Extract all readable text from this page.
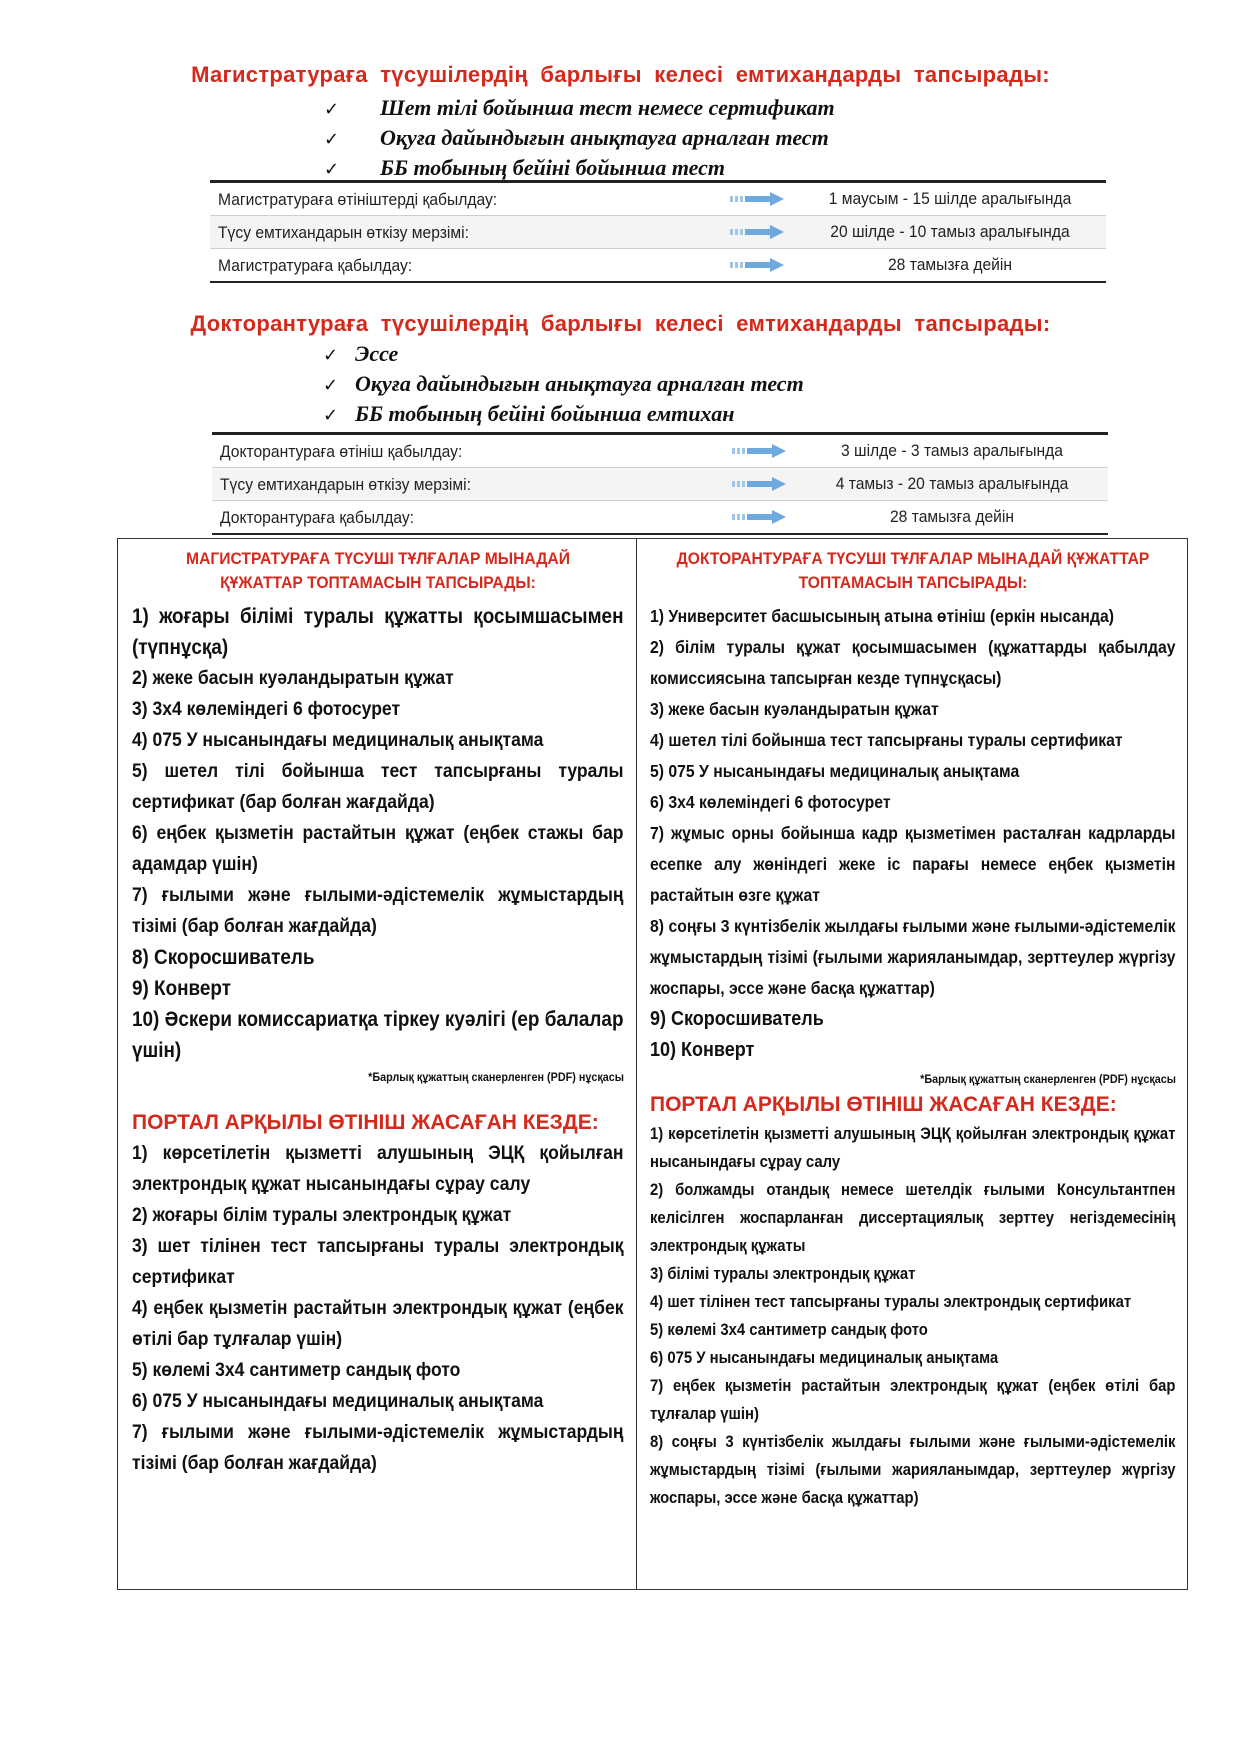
Магистратураға түсушілердің барлығы келесі емтихандарды тапсырады:
✓ Шет тілі бойынша тест немесе сертификат
✓ Оқуға дайындығын анықтауға арналған тест
✓ ББ тобының бейіні бойынша тест
Магистратураға өтініштерді қабылдау:	1 маусым - 15 шілде аралығында
Түсу емтихандарын өткізу мерзімі:	20 шілде - 10 тамыз аралығында
Магистратураға қабылдау:	28 тамызға дейін
Докторантураға түсушілердің барлығы келесі емтихандарды тапсырады:
✓ Эссе
✓ Оқуға дайындығын анықтауға арналған тест
✓ ББ тобының бейіні бойынша емтихан
Докторантураға өтініш қабылдау:	3 шілде - 3 тамыз аралығында
Түсу емтихандарын өткізу мерзімі:	4 тамыз - 20 тамыз аралығында
Докторантураға қабылдау:	28 тамызға дейін
МАГИСТРАТУРАҒА ТҮСУШІ ТҰЛҒАЛАР МЫНАДАЙ ҚҰЖАТТАР ТОПТАМАСЫН ТАПСЫРАДЫ:
1) жоғары білімі туралы құжатты қосымшасымен (түпнұсқа)
2) жеке басын куәландыратын құжат
3) 3х4 көлеміндегі 6 фотосурет
4) 075 У нысанындағы медициналық анықтама
5) шетел тілі бойынша тест тапсырғаны туралы сертификат (бар болған жағдайда)
6) еңбек қызметін растайтын құжат (еңбек стажы бар адамдар үшін)
7) ғылыми және ғылыми-әдістемелік жұмыстардың тізімі (бар болған жағдайда)
8) Скоросшиватель
9) Конверт
10) Әскери комиссариатқа тіркеу куәлігі (ер балалар үшін)
*Барлық құжаттың сканерленген (PDF) нұсқасы
ПОРТАЛ АРҚЫЛЫ ӨТІНІШ ЖАСАҒАН КЕЗДЕ:
1) көрсетілетін қызметті алушының ЭЦҚ қойылған электрондық құжат нысанындағы сұрау салу
2) жоғары білім туралы электрондық құжат
3) шет тілінен тест тапсырғаны туралы электрондық сертификат
4) еңбек қызметін растайтын электрондық құжат (еңбек өтілі бар тұлғалар үшін)
5) көлемі 3х4 сантиметр сандық фото
6) 075 У нысанындағы медициналық анықтама
7) ғылыми және ғылыми-әдістемелік жұмыстардың тізімі (бар болған жағдайда)
ДОКТОРАНТУРАҒА ТҮСУШІ ТҰЛҒАЛАР МЫНАДАЙ ҚҰЖАТТАР ТОПТАМАСЫН ТАПСЫРАДЫ:
1) Университет басшысының атына өтініш (еркін нысанда)
2) білім туралы құжат қосымшасымен (құжаттарды қабылдау комиссиясына тапсырған кезде түпнұсқасы)
3) жеке басын куәландыратын құжат
4) шетел тілі бойынша тест тапсырғаны туралы сертификат
5) 075 У нысанындағы медициналық анықтама
6) 3х4 көлеміндегі 6 фотосурет
7) жұмыс орны бойынша кадр қызметімен расталған кадрларды есепке алу жөніндегі жеке іс парағы немесе еңбек қызметін растайтын өзге құжат
8) соңғы 3 күнтізбелік жылдағы ғылыми және ғылыми-әдістемелік жұмыстардың тізімі (ғылыми жарияланымдар, зерттеулер жүргізу жоспары, эссе және басқа құжаттар)
9) Скоросшиватель
10) Конверт
*Барлық құжаттың сканерленген (PDF) нұсқасы
ПОРТАЛ АРҚЫЛЫ ӨТІНІШ ЖАСАҒАН КЕЗДЕ:
1) көрсетілетін қызметті алушының ЭЦҚ қойылған электрондық құжат нысанындағы сұрау салу
2) болжамды отандық немесе шетелдік ғылыми Консультантпен келісілген жоспарланған диссертациялық зерттеу негіздемесінің электрондық құжаты
3) білімі туралы электрондық құжат
4) шет тілінен тест тапсырғаны туралы электрондық сертификат
5) көлемі 3х4 сантиметр сандық фото
6) 075 У нысанындағы медициналық анықтама
7) еңбек қызметін растайтын электрондық құжат (еңбек өтілі бар тұлғалар үшін)
8) соңғы 3 күнтізбелік жылдағы ғылыми және ғылыми-әдістемелік жұмыстардың тізімі (ғылыми жарияланымдар, зерттеулер жүргізу жоспары, эссе және басқа құжаттар)
